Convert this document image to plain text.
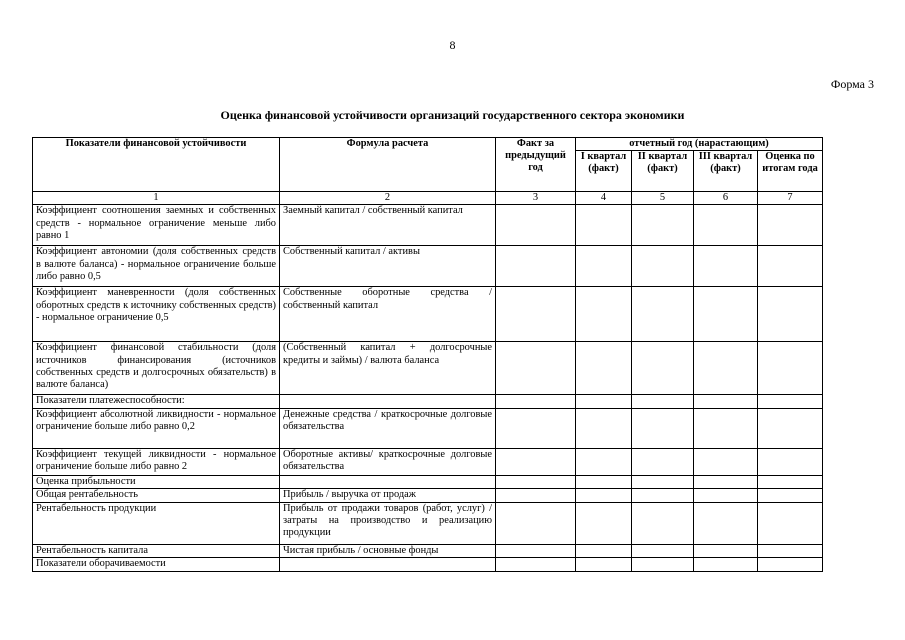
8
Форма 3
Оценка финансовой устойчивости организаций государственного сектора экономики
Показатели финансовой устойчивости	Формула расчета	Факт за предыдущий год	отчетный год (нарастающим)			
			I квартал (факт)	II квартал (факт)	III квартал (факт)	Оценка по итогам года
1	2	3	4	5	6	7
Коэффициент соотношения заемных и собственных средств - нормальное ограничение меньше либо равно 1	Заемный капитал / собственный капитал					
Коэффициент автономии (доля собственных средств в валюте баланса) - нормальное ограничение больше либо равно 0,5	Собственный капитал / активы					
Коэффициент маневренности (доля собственных оборотных средств к источнику собственных средств) - нормальное ограничение 0,5	Собственные оборотные средства / собственный капитал					
Коэффициент финансовой стабильности (доля источников финансирования (источников собственных средств и долгосрочных обязательств) в валюте баланса)	(Собственный капитал + долгосрочные кредиты и займы) / валюта баланса					
Показатели платежеспособности:						
Коэффициент абсолютной ликвидности - нормальное ограничение больше либо равно 0,2	Денежные средства / краткосрочные долговые обязательства					
Коэффициент текущей ликвидности - нормальное ограничение больше либо равно 2	Оборотные активы/ краткосрочные долговые обязательства					
Оценка прибыльности						
Общая рентабельность	Прибыль / выручка от продаж					
Рентабельность продукции	Прибыль от продажи товаров (работ, услуг) / затраты на производство и реализацию продукции					
Рентабельность капитала	Чистая прибыль / основные фонды					
Показатели оборачиваемости						
